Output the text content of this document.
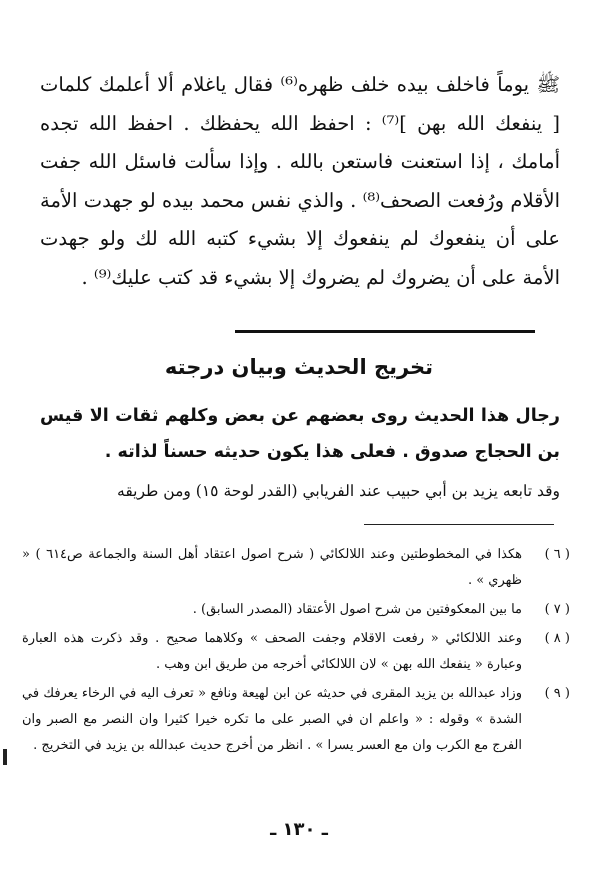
ﷺ يوماً فاخلف بيده خلف ظهره⁽⁶⁾ فقال ياغلام ألا أعلمك كلمات [ ينفعك الله بهن ]⁽⁷⁾ : احفظ الله يحفظك . احفظ الله تجده أمامك ، إذا استعنت فاستعن بالله . وإذا سألت فاسئل الله جفت الأقلام ورُفعت الصحف⁽⁸⁾ . والذي نفس محمد بيده لو جهدت الأمة على أن ينفعوك لم ينفعوك إلا بشيء كتبه الله لك ولو جهدت الأمة على أن يضروك لم يضروك إلا بشيء قد كتب عليك⁽⁹⁾ .

تخريج الحديث وبيان درجته

رجال هذا الحديث روى بعضهم عن بعض وكلهم ثقات الا قيس بن الحجاج صدوق . فعلى هذا يكون حديثه حسناً لذاته .

وقد تابعه يزيد بن أبي حبيب عند الفريابي (القدر لوحة ١٥) ومن طريقه

( ٦ )
هكذا في المخطوطتين وعند اللالكائي ( شرح اصول اعتقاد أهل السنة والجماعة ص٦١٤ ) « ظهري » .
( ٧ )
ما بين المعكوفتين من شرح اصول الأعتقاد (المصدر السابق) .
( ٨ )
وعند اللالكائي « رفعت الاقلام وجفت الصحف » وكلاهما صحيح . وقد ذكرت هذه العبارة وعبارة « ينفعك الله بهن » لان اللالكائي أخرجه من طريق ابن وهب .
( ٩ )
وزاد عبدالله بن يزيد المقرى في حديثه عن ابن لهيعة ونافع « تعرف اليه في الرخاء يعرفك في الشدة » وقوله : « واعلم ان في الصبر على ما تكره خيرا كثيرا وان النصر مع الصبر وان الفرج مع الكرب وان مع العسر يسرا » . انظر من أخرج حديث عبدالله بن يزيد في التخريج .
ـ ١٣٠ ـ
